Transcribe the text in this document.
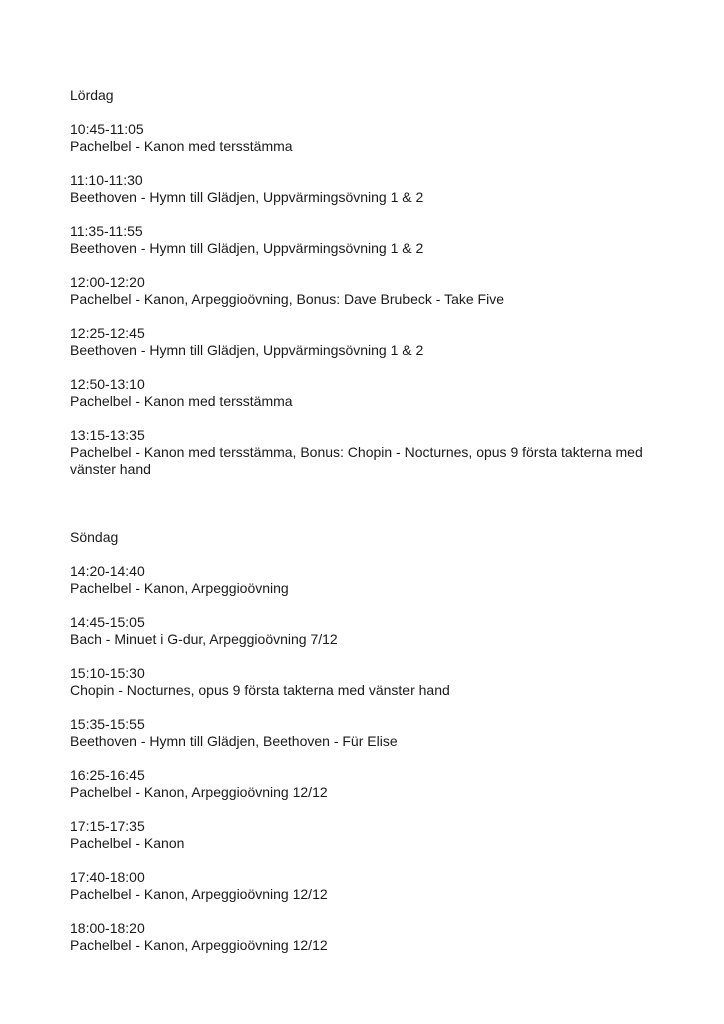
Lördag
10:45-11:05
Pachelbel - Kanon med tersstämma
11:10-11:30
Beethoven - Hymn till Glädjen, Uppvärmingsövning 1 & 2
11:35-11:55
Beethoven - Hymn till Glädjen, Uppvärmingsövning 1 & 2
12:00-12:20
Pachelbel - Kanon, Arpeggioövning, Bonus: Dave Brubeck - Take Five
12:25-12:45
Beethoven - Hymn till Glädjen, Uppvärmingsövning 1 & 2
12:50-13:10
Pachelbel - Kanon med tersstämma
13:15-13:35
Pachelbel - Kanon med tersstämma, Bonus: Chopin - Nocturnes, opus 9 första takterna med vänster hand
Söndag
14:20-14:40
Pachelbel - Kanon, Arpeggioövning
14:45-15:05
Bach - Minuet i G-dur, Arpeggioövning 7/12
15:10-15:30
Chopin - Nocturnes, opus 9 första takterna med vänster hand
15:35-15:55
Beethoven - Hymn till Glädjen, Beethoven - Für Elise
16:25-16:45
Pachelbel - Kanon, Arpeggioövning 12/12
17:15-17:35
Pachelbel - Kanon
17:40-18:00
Pachelbel - Kanon, Arpeggioövning 12/12
18:00-18:20
Pachelbel - Kanon, Arpeggioövning 12/12
